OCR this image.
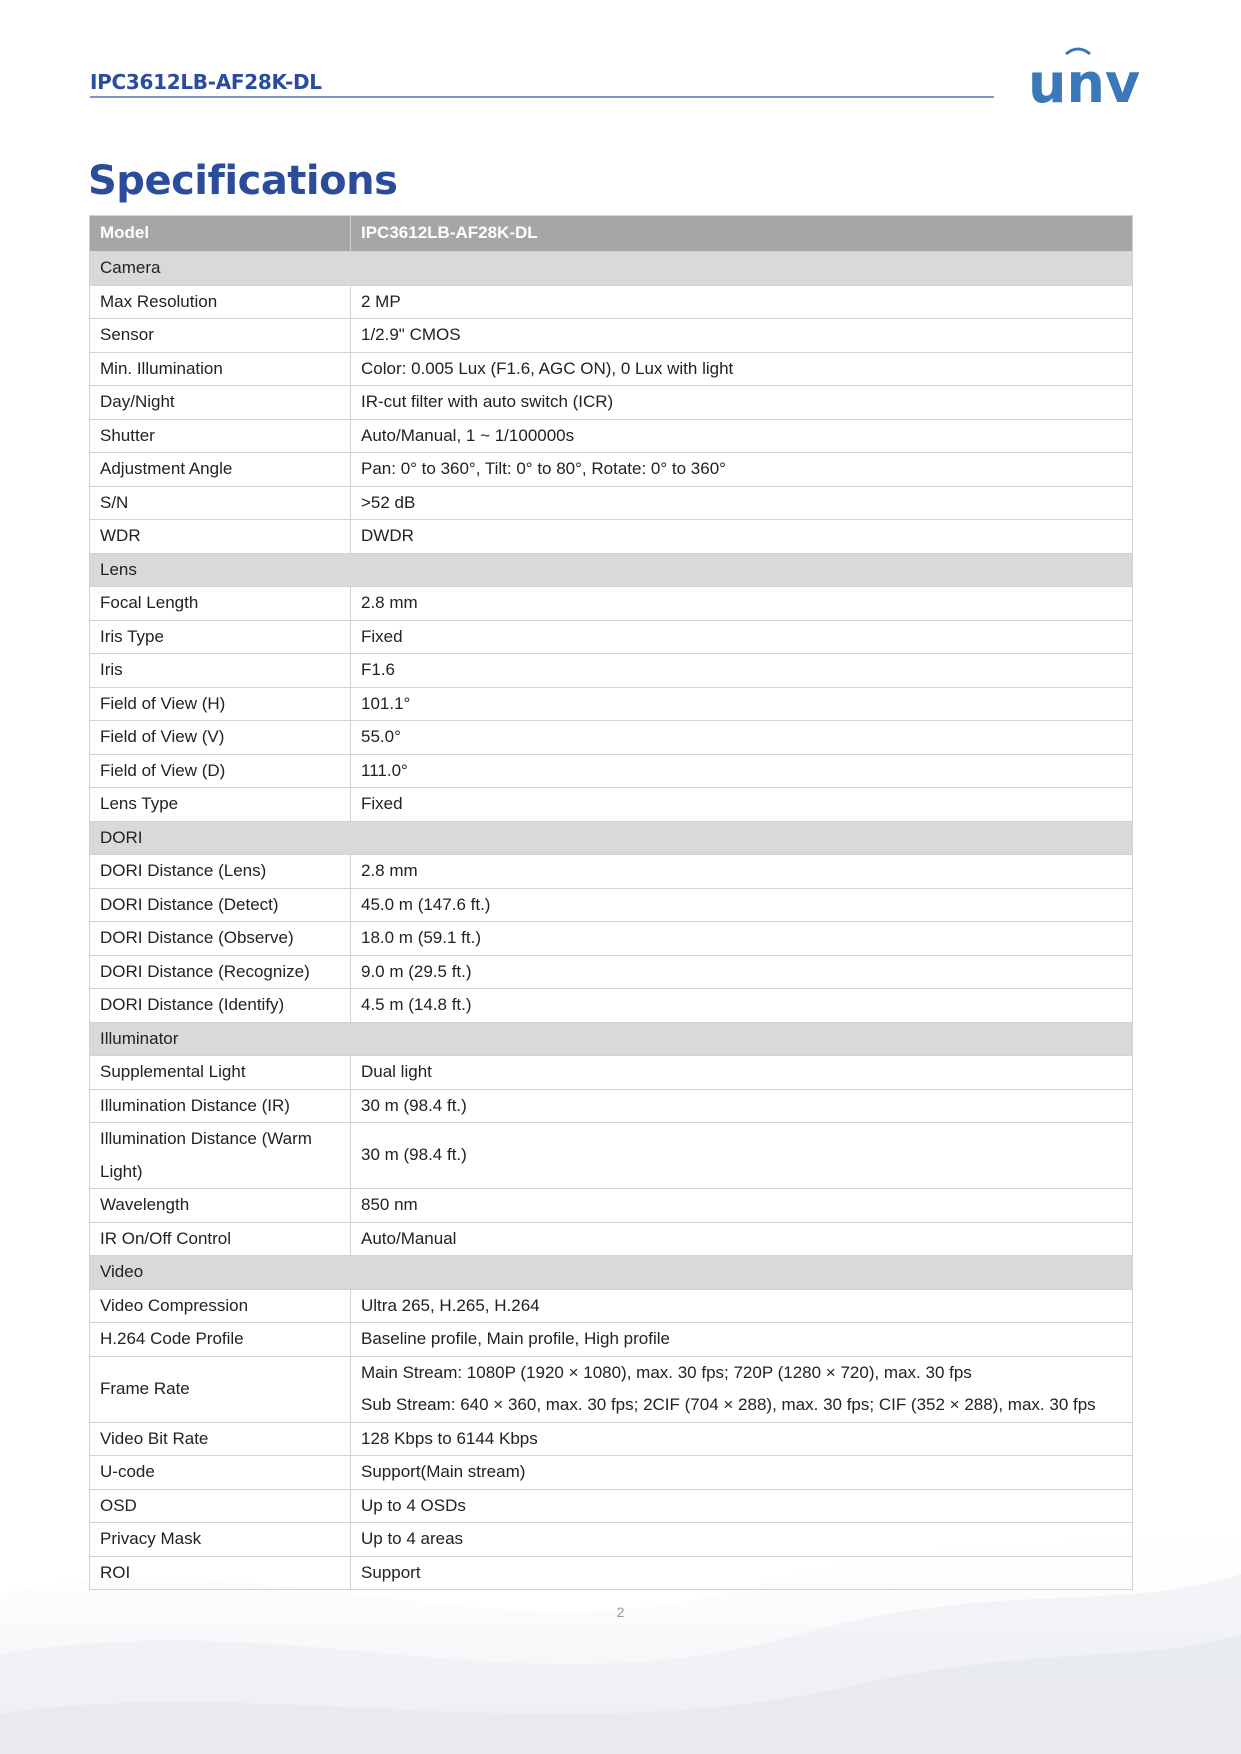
IPC3612LB-AF28K-DL	unv
Specifications
Model	IPC3612LB-AF28K-DL
Camera	

Max Resolution	2 MP

Sensor	1/2.9" CMOS

Min. Illumination	Color: 0.005 Lux (F1.6, AGC ON), 0 Lux with light

Day/Night	IR-cut filter with auto switch (ICR)

Shutter	Auto/Manual, 1 ~ 1/100000s

Adjustment Angle	Pan: 0° to 360°, Tilt: 0° to 80°, Rotate: 0° to 360°

S/N	>52 dB

WDR	DWDR

Lens	

Focal Length	2.8 mm

Iris Type	Fixed

Iris	F1.6

Field of View (H)	101.1°

Field of View (V)	55.0°

Field of View (D)	111.0°

Lens Type	Fixed

DORI	

DORI Distance (Lens)	2.8 mm

DORI Distance (Detect)	45.0 m (147.6 ft.)

DORI Distance (Observe)	18.0 m (59.1 ft.)

DORI Distance (Recognize)	9.0 m (29.5 ft.)

DORI Distance (Identify)	4.5 m (14.8 ft.)

Illuminator	

Supplemental Light	Dual light

Illumination Distance (IR)	30 m (98.4 ft.)

Illumination Distance (Warm
Light)	30 m (98.4 ft.)

Wavelength	850 nm

IR On/Off Control	Auto/Manual

Video	

Video Compression	Ultra 265, H.265, H.264

H.264 Code Profile	Baseline profile, Main profile, High profile

Frame Rate	Main Stream: 1080P (1920 × 1080), max. 30 fps; 720P (1280 × 720), max. 30 fps
Sub Stream: 640 × 360, max. 30 fps; 2CIF (704 × 288), max. 30 fps; CIF (352 × 288), max. 30 fps

Video Bit Rate	128 Kbps to 6144 Kbps

U-code	Support(Main stream)

OSD	Up to 4 OSDs

Privacy Mask	Up to 4 areas

ROI	Support
2
